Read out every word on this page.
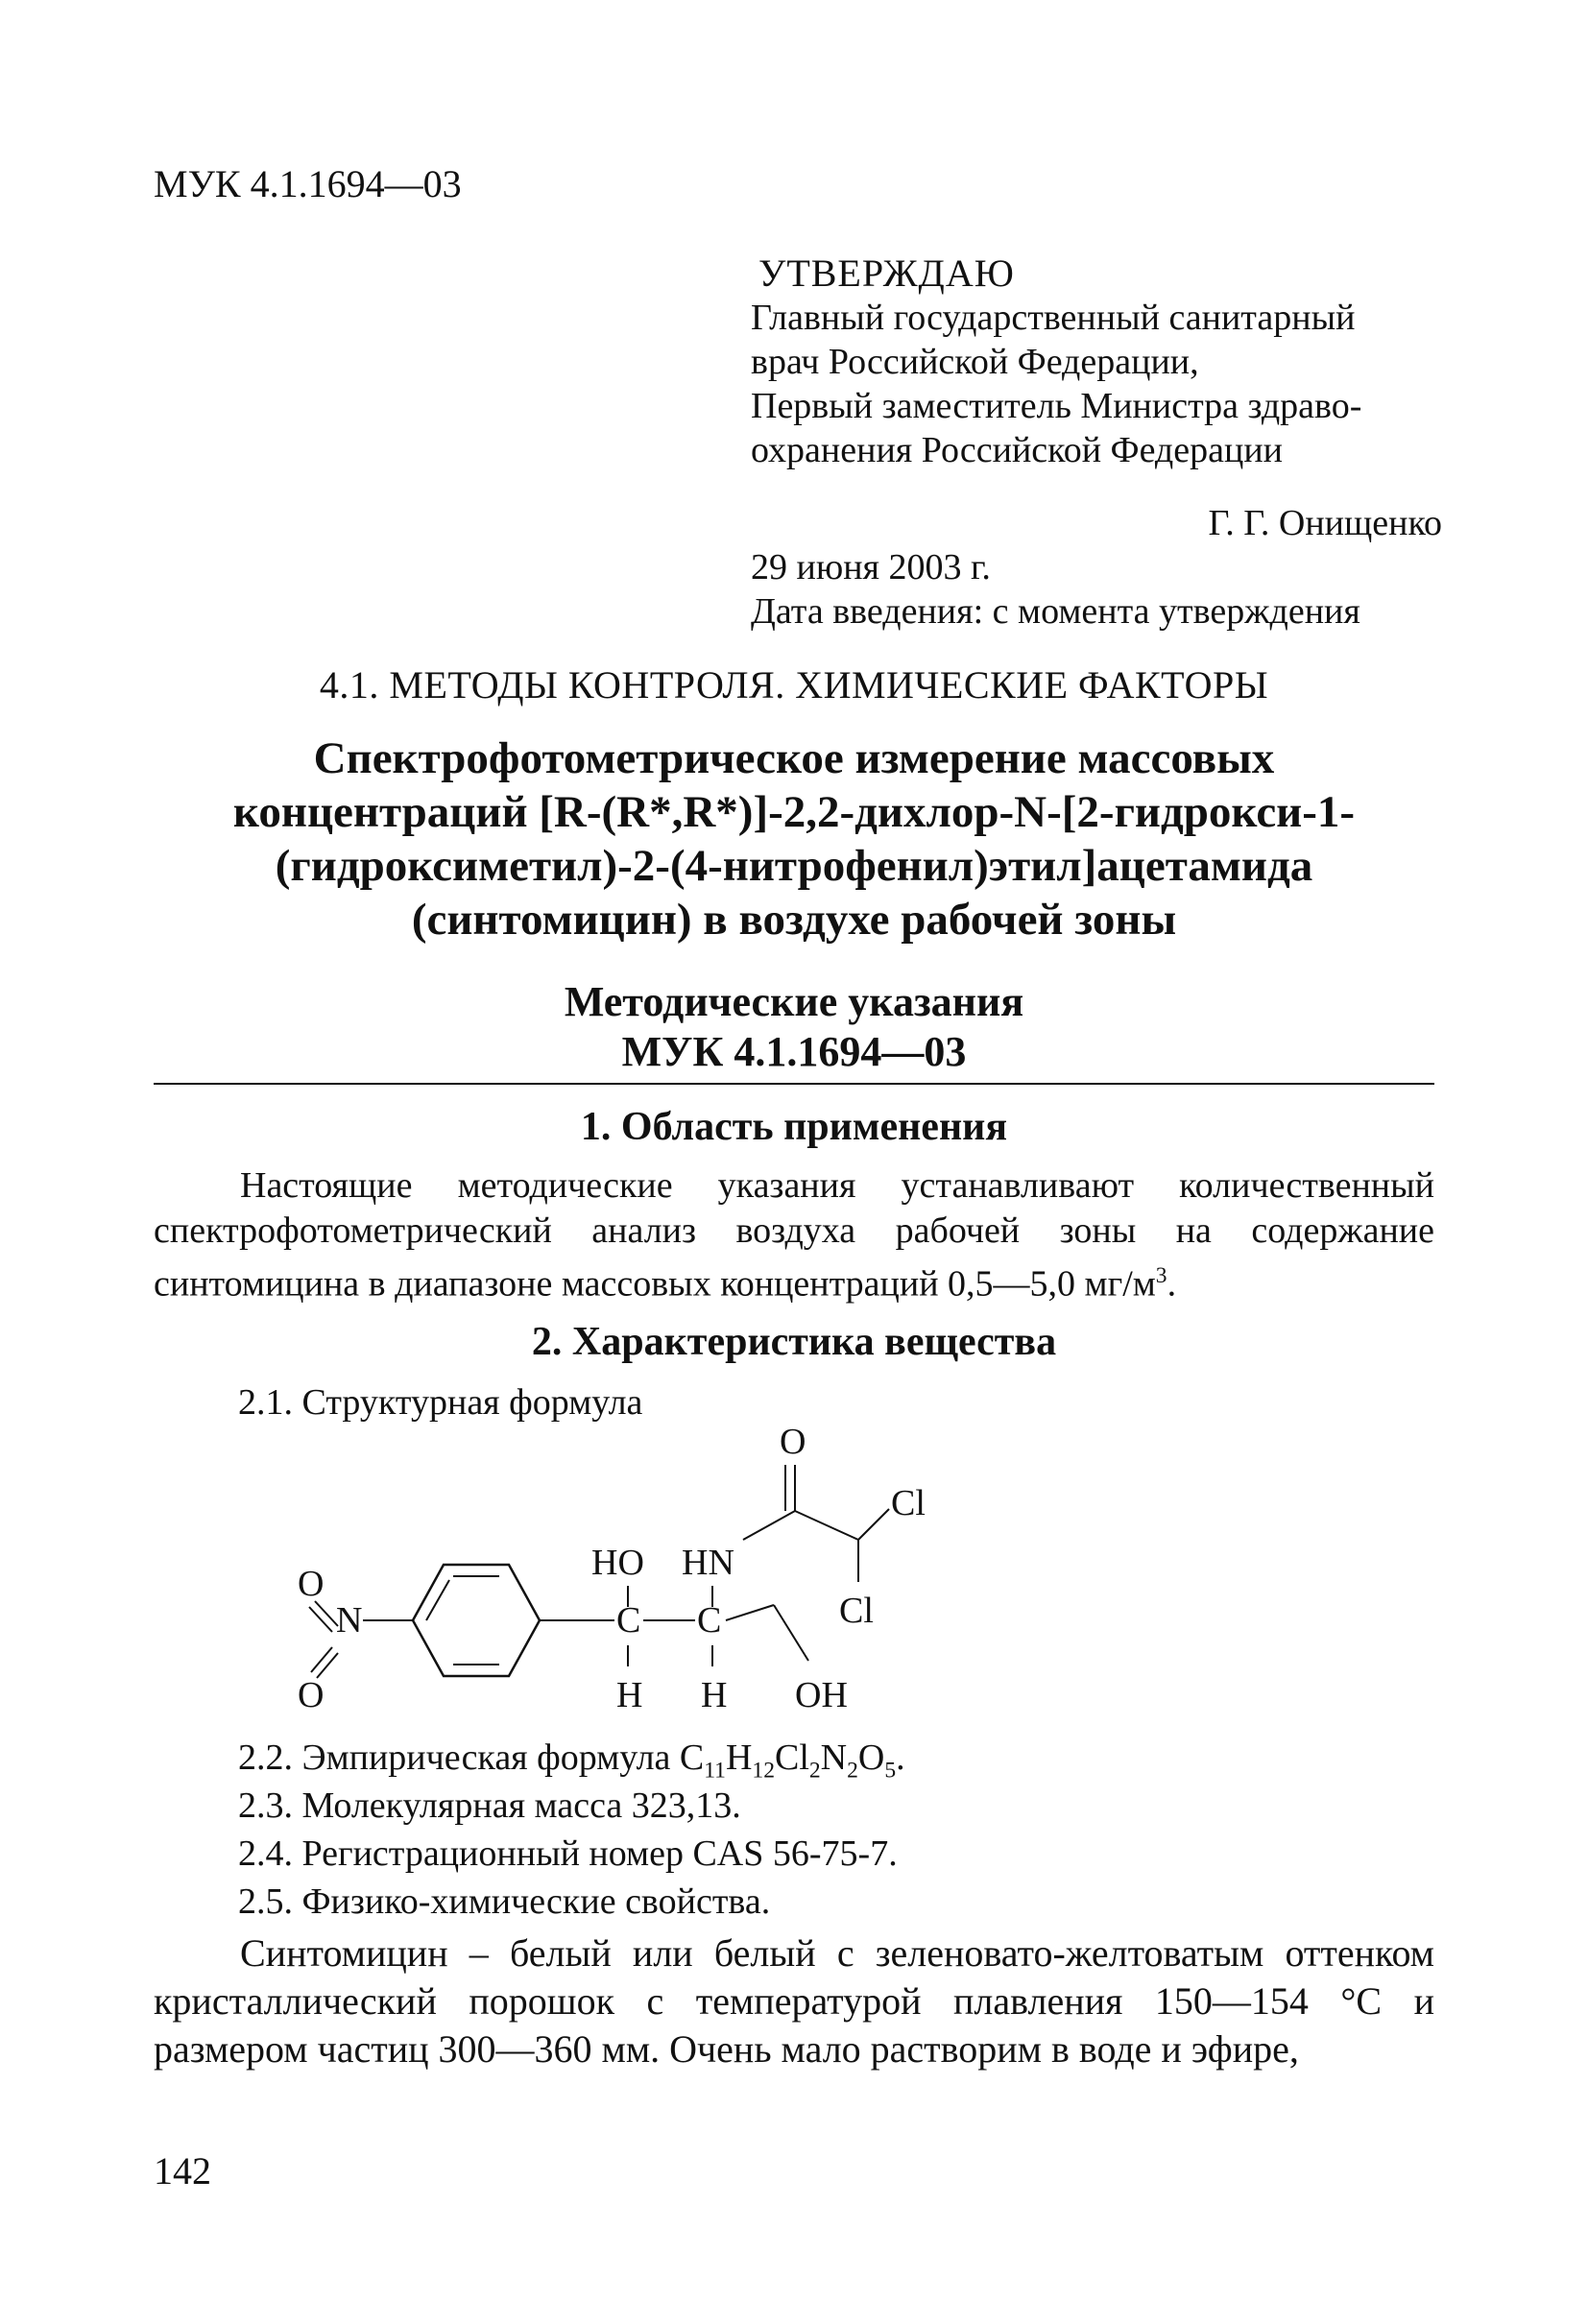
МУК 4.1.1694—03
УТВЕРЖДАЮ
Главный государственный санитарный
врач Российской Федерации,
Первый заместитель Министра здраво-
охранения Российской Федерации
Г. Г. Онищенко
29 июня 2003 г.
Дата введения: с момента утверждения
4.1. МЕТОДЫ КОНТРОЛЯ. ХИМИЧЕСКИЕ ФАКТОРЫ
Спектрофотометрическое измерение массовых
концентраций [R-(R*,R*)]-2,2-дихлор-N-[2-гидрокси-1-
(гидроксиметил)-2-(4-нитрофенил)этил]ацетамида
(синтомицин) в воздухе рабочей зоны
Методические указания
МУК 4.1.1694—03
1. Область применения
Настоящие методические указания устанавливают количественный спектрофотометрический анализ воздуха рабочей зоны на содержание синтомицина в диапазоне массовых концентраций 0,5—5,0 $мг/м^3$.
2. Характеристика вещества
2.1. Структурная формула
O
N
O
C
HO
H
C
HN
H OH
O
Cl
Cl
2.2. Эмпирическая формула $C_{11}H_{12}Cl_2N_2O_5$.
2.3. Молекулярная масса 323,13.
2.4. Регистрационный номер CAS 56-75-7.
2.5. Физико-химические свойства.
Синтомицин – белый или белый с зеленовато-желтоватым оттенком кристаллический порошок с температурой плавления 150—154 °С и размером частиц 300—360 мм. Очень мало растворим в воде и эфире,
142
